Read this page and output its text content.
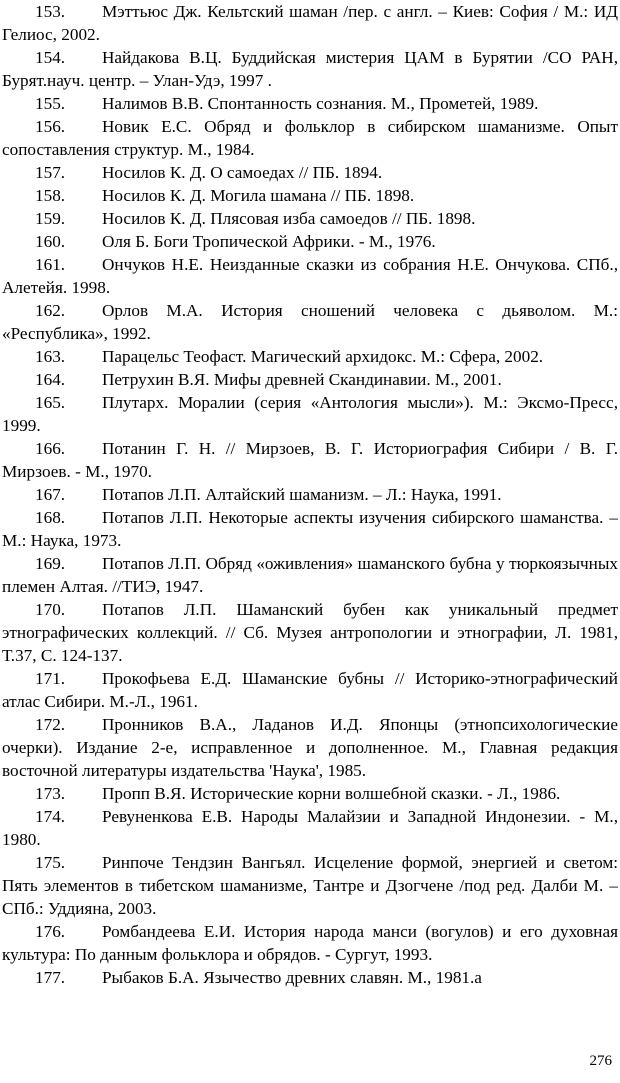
153. Мэттьюс Дж. Кельтский шаман /пер. с англ. – Киев: София / М.: ИД Гелиос, 2002.

154. Найдакова В.Ц. Буддийская мистерия ЦАМ в Бурятии /СО РАН, Бурят.науч. центр. – Улан-Удэ, 1997 .

155. Налимов В.В. Спонтанность сознания. М., Прометей, 1989.

156. Новик Е.С. Обряд и фольклор в сибирском шаманизме. Опыт сопоставления структур. М., 1984.

157. Носилов К. Д. О самоедах // ПБ. 1894.

158. Носилов К. Д. Могила шамана // ПБ. 1898.

159. Носилов К. Д. Плясовая изба самоедов // ПБ. 1898.

160. Оля Б. Боги Тропической Африки. - М., 1976.

161. Ончуков Н.Е. Неизданные сказки из собрания Н.Е. Ончукова. СПб., Алетейя. 1998.

162. Орлов М.А. История сношений человека с дьяволом. М.: «Республика», 1992.

163. Парацельс Теофаст. Магический архидокс. М.: Сфера, 2002.

164. Петрухин В.Я. Мифы древней Скандинавии. М., 2001.

165. Плутарх. Моралии (серия «Антология мысли»). М.: Эксмо-Пресс, 1999.

166. Потанин Г. Н. // Мирзоев, В. Г. Историография Сибири / В. Г. Мирзоев. - М., 1970.

167. Потапов Л.П. Алтайский шаманизм. – Л.: Наука, 1991.

168. Потапов Л.П. Некоторые аспекты изучения сибирского шаманства. – М.: Наука, 1973.

169. Потапов Л.П. Обряд «оживления» шаманского бубна у тюркоязычных племен Алтая. //ТИЭ, 1947.

170. Потапов Л.П. Шаманский бубен как уникальный предмет этнографических коллекций. // Сб. Музея антропологии и этнографии, Л. 1981, Т.37, С. 124-137.

171. Прокофьева Е.Д. Шаманские бубны // Историко-этнографический атлас Сибири. М.-Л., 1961.

172. Пронников В.А., Ладанов И.Д. Японцы (этнопсихологические очерки). Издание 2-е, исправленное и дополненное. М., Главная редакция восточной литературы издательства 'Наука', 1985.

173. Пропп В.Я. Исторические корни волшебной сказки. - Л., 1986.

174. Ревуненкова Е.В. Народы Малайзии и Западной Индонезии. - М., 1980.

175. Ринпоче Тендзин Вангьял. Исцеление формой, энергией и светом: Пять элементов в тибетском шаманизме, Тантре и Дзогчене /под ред. Далби М. – СПб.: Уддияна, 2003.

176. Ромбандеева Е.И. История народа манси (вогулов) и его духовная культура: По данным фольклора и обрядов. - Сургут, 1993.

177. Рыбаков Б.А. Язычество древних славян. М., 1981.а

276
